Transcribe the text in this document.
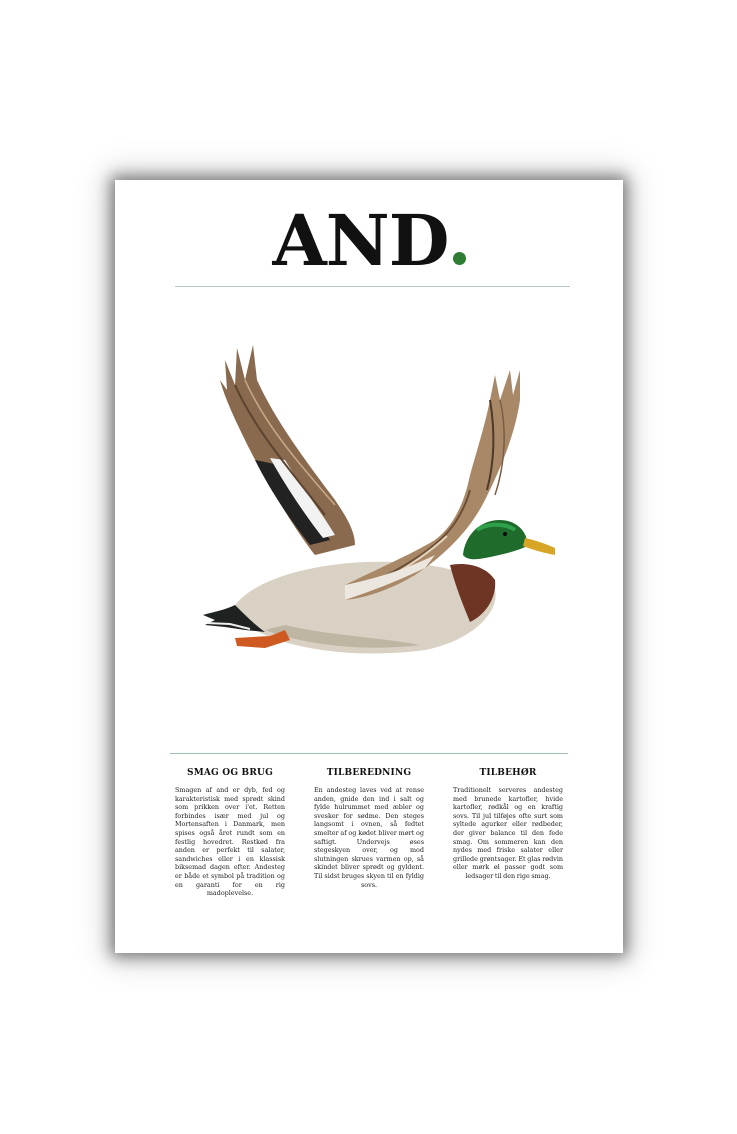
AND
SMAG OG BRUG

Smagen af and er dyb, fed og karakteristisk med sprødt skind som prikken over i'et. Retten forbindes især med jul og Mortensaften i Danmark, men spises også året rundt som en festlig hovedret. Restkød fra anden er perfekt til salater, sandwiches eller i en klassisk biksemad dagen efter. Andesteg er både et symbol på tradition og en garanti for en rig madoplevelse.

TILBEREDNING

En andesteg laves ved at rense anden, gnide den ind i salt og fylde hulrummet med æbler og svesker for sødme. Den steges langsomt i ovnen, så fedtet smelter af og kødet bliver mørt og saftigt. Undervejs øses stegeskyen over, og mod slutningen skrues varmen op, så skindet bliver sprødt og gyldent. Til sidst bruges skyen til en fyldig sovs.

TILBEHØR

Traditionelt serveres andesteg med brunede kartofler, hvide kartofler, rødkål og en kraftig sovs. Til jul tilføjes ofte surt som syltede agurker eller rødbeder, der giver balance til den fede smag. Om sommeren kan den nydes med friske salater eller grillede grøntsager. Et glas rødvin eller mørk øl passer godt som ledsager til den rige smag.
